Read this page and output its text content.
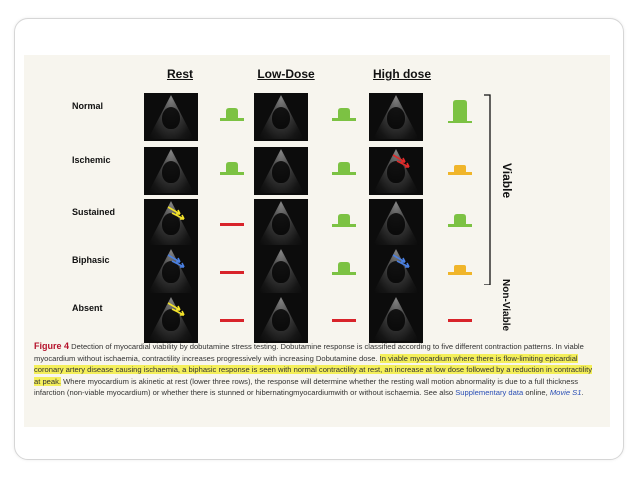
Rest	Low-Dose	High dose
Normal
Ischemic
Sustained
Biphasic
Absent
Viable
Non-Viable
Figure 4 Detection of myocardial viability by dobutamine stress testing. Dobutamine response is classified according to five different contraction patterns. In viable myocardium without ischaemia, contractility increases progressively with increasing Dobutamine dose. In viable myocardium where there is flow-limiting epicardial coronary artery disease causing ischaemia, a biphasic response is seen with normal contractility at rest, an increase at low dose followed by a reduction in contractility at peak. Where myocardium is akinetic at rest (lower three rows), the response will determine whether the resting wall motion abnormality is due to a full thickness infarction (non-viable myocardium) or whether there is stunned or hibernatingmyocardiumwith or without ischaemia. See also Supplementary data online, Movie S1.
